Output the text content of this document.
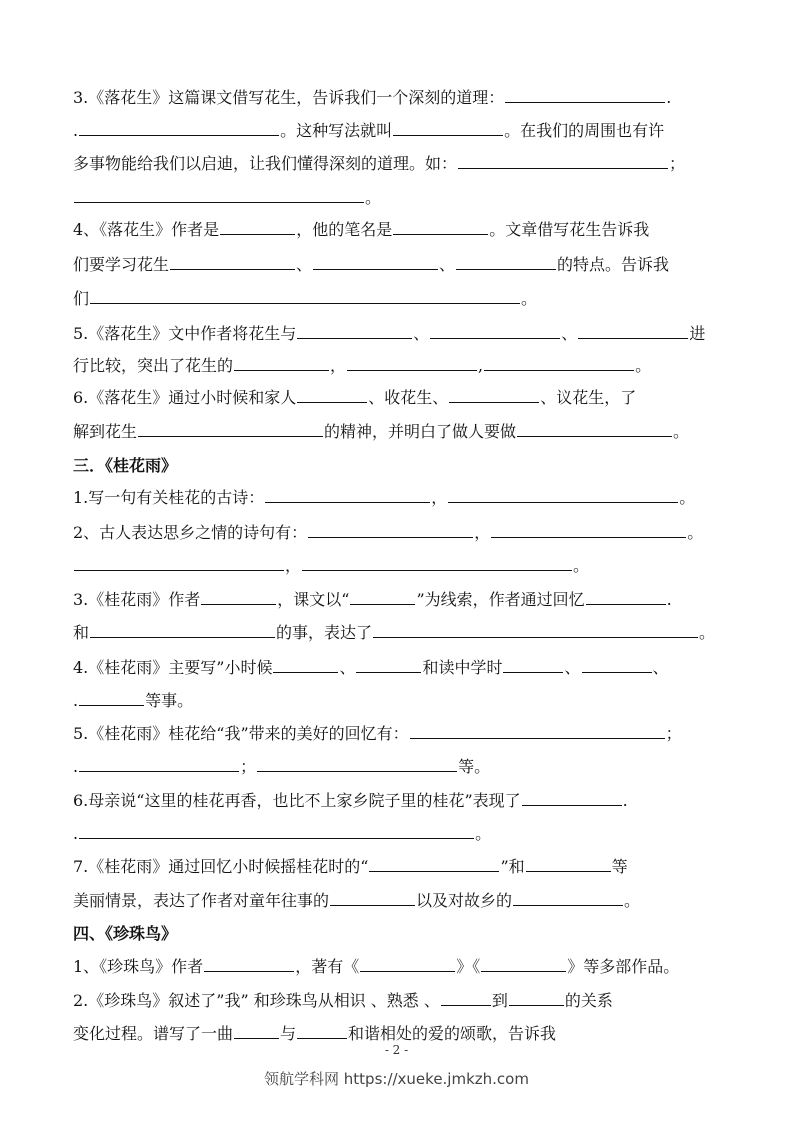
3.《落花生》这篇课文借写花生，告诉我们一个深刻的道理：	.
.	。这种写法就叫	。在我们的周围也有许
多事物能给我们以启迪，让我们懂得深刻的道理。如：	；
。
4、《落花生》作者是	，他的笔名是	。文章借写花生告诉我
们要学习花生	、	、	的特点。告诉我
们	。
5.《落花生》文中作者将花生与	、	、	进
行比较，突出了花生的	，	,	。
6.《落花生》通过小时候和家人	、收花生、	、议花生，了
解到花生	的精神，并明白了做人要做	。
三．《桂花雨》
1.写一句有关桂花的古诗：	，	。
2、古人表达思乡之情的诗句有：	，	。
，	。
3.《桂花雨》作者	，课文以“	”为线索，作者通过回忆	.
和	的事，表达了	。
4.《桂花雨》主要写”小时候	、	和读中学时	、	、
.	等事。
5.《桂花雨》桂花给“我”带来的美好的回忆有：	；
.	；	等。
6.母亲说“这里的桂花再香，也比不上家乡院子里的桂花”表现了	.
.	。
7.《桂花雨》通过回忆小时候摇桂花时的“	”和	等
美丽情景，表达了作者对童年往事的	以及对故乡的	。
四、《珍珠鸟》
1、《珍珠鸟》作者	，著有《	》《	》等多部作品。
2.《珍珠鸟》叙述了”我” 和珍珠鸟从相识 、熟悉 、	到	的关系
变化过程。谱写了一曲	与	和谐相处的爱的颂歌，告诉我
- 2 -
领航学科网 https://xueke.jmkzh.com
